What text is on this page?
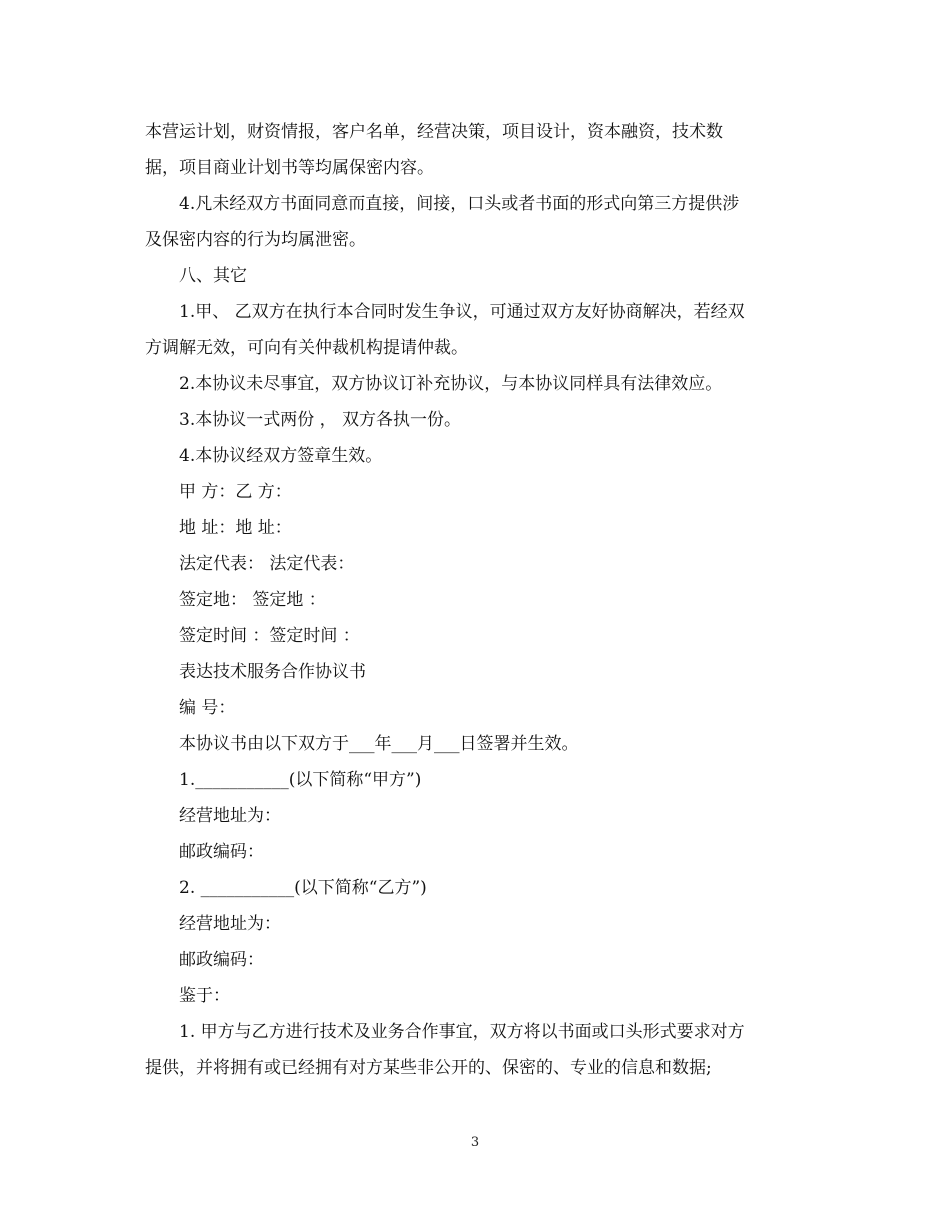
本营运计划，财资情报，客户名单，经营决策，项目设计，资本融资，技术数

据，项目商业计划书等均属保密内容。

4.凡未经双方书面同意而直接，间接，口头或者书面的形式向第三方提供涉

及保密内容的行为均属泄密。

八、其它

1.甲、 乙双方在执行本合同时发生争议，可通过双方友好协商解决，若经双

方调解无效，可向有关仲裁机构提请仲裁。

2.本协议未尽事宜，双方协议订补充协议，与本协议同样具有法律效应。

3.本协议一式两份 ， 双方各执一份。

4.本协议经双方签章生效。

甲 方：乙 方：

地 址：地 址：

法定代表： 法定代表：

签定地： 签定地 ：

签定时间 ：签定时间 ：

表达技术服务合作协议书

编 号：

本协议书由以下双方于___年___月___日签署并生效。

1.___________(以下简称“甲方”)

经营地址为：

邮政编码：

2. ___________(以下简称“乙方”)

经营地址为：

邮政编码：

鉴于：

1. 甲方与乙方进行技术及业务合作事宜，双方将以书面或口头形式要求对方

提供，并将拥有或已经拥有对方某些非公开的、保密的、专业的信息和数据;

3
